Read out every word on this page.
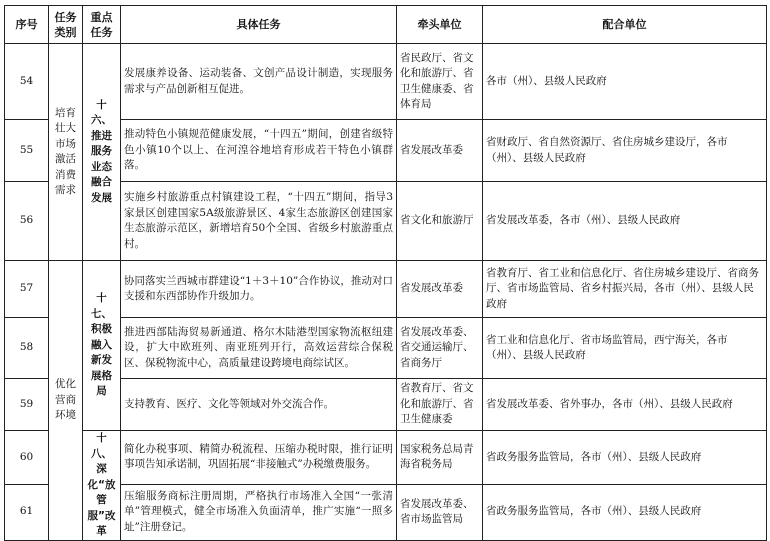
序号	任务类别	重点任务	具体任务	牵头单位	配合单位
54	培育壮大市场激活消费需求	十六、推进服务业态融合发展	发展康养设备、运动装备、文创产品设计制造，实现服务需求与产品创新相互促进。	省民政厅、省文化和旅游厅、省卫生健康委、省体育局	各市（州）、县级人民政府
55			推动特色小镇规范健康发展，“十四五”期间，创建省级特色小镇10个以上、在河湟谷地培育形成若干特色小镇群落。	省发展改革委	省财政厅、省自然资源厅、省住房城乡建设厅，各市（州）、县级人民政府
56			实施乡村旅游重点村镇建设工程，“十四五”期间，指导3家景区创建国家5A级旅游景区、4家生态旅游区创建国家生态旅游示范区，新增培育50个全国、省级乡村旅游重点村。	省文化和旅游厅	省发展改革委，各市（州）、县级人民政府
57	优化营商环境	十七、积极融入新发展格局	协同落实兰西城市群建设“1＋3＋10”合作协议，推动对口支援和东西部协作升级加力。	省发展改革委	省教育厅、省工业和信息化厅、省住房城乡建设厅、省商务厅、省市场监管局、省乡村振兴局，各市（州）、县级人民政府
58			推进西部陆海贸易新通道、格尔木陆港型国家物流枢纽建设，扩大中欧班列、南亚班列开行，高效运营综合保税区、保税物流中心，高质量建设跨境电商综试区。	省发展改革委、省交通运输厅、省商务厅	省工业和信息化厅、省市场监管局，西宁海关，各市（州）、县级人民政府
59			支持教育、医疗、文化等领域对外交流合作。	省教育厅、省文化和旅游厅、省卫生健康委	省发展改革委、省外事办，各市（州）、县级人民政府
60		十八、深化“放管服”改革	简化办税事项、精简办税流程、压缩办税时限，推行证明事项告知承诺制，巩固拓展“非接触式”办税缴费服务。	国家税务总局青海省税务局	省政务服务监管局，各市（州）、县级人民政府
61			压缩服务商标注册周期，严格执行市场准入全国“一张清单”管理模式，健全市场准入负面清单，推广实施“一照多址”注册登记。	省发展改革委、省市场监管局	省政务服务监管局，各市（州）、县级人民政府
